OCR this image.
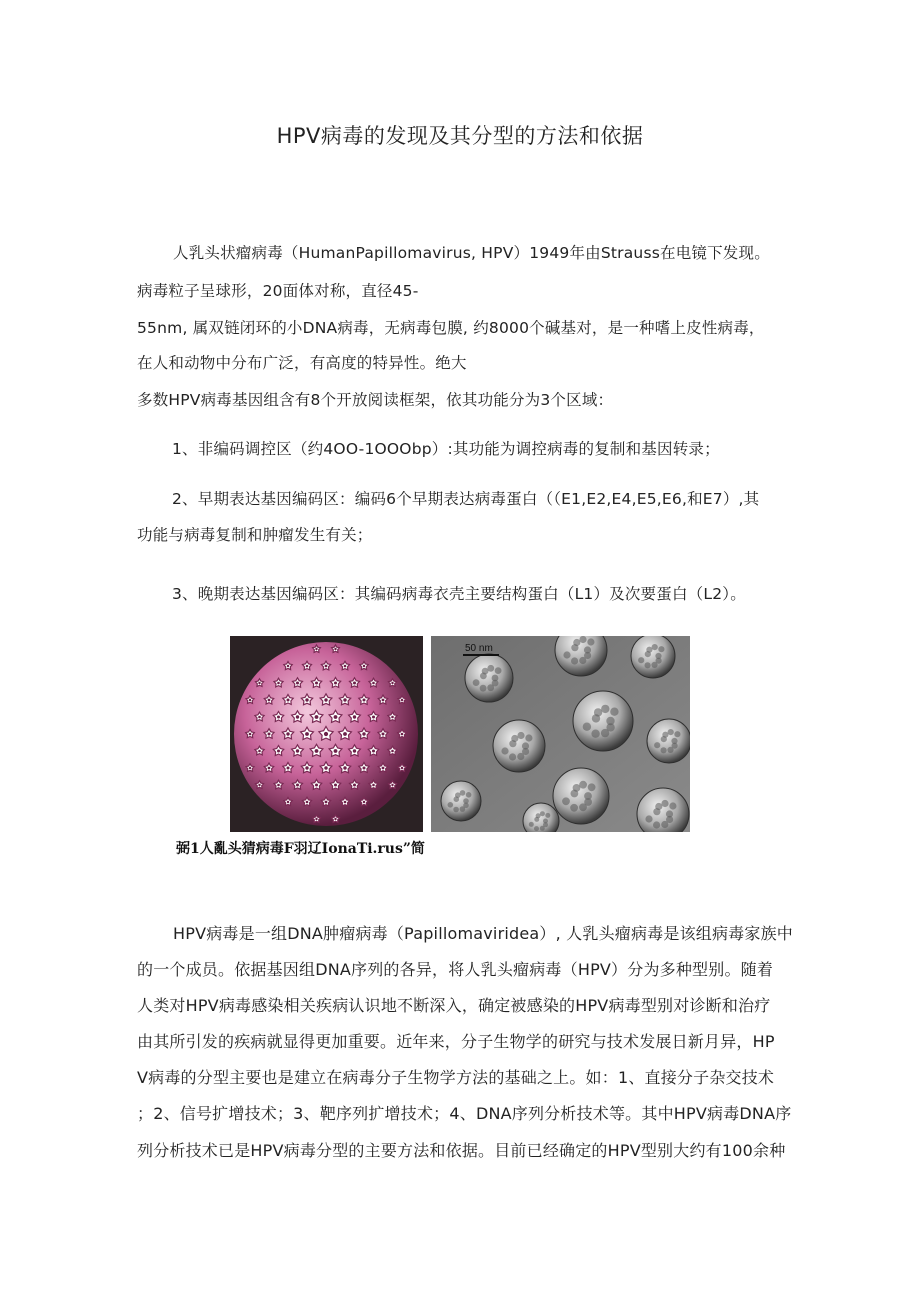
HPV病毒的发现及其分型的方法和依据
人乳头状瘤病毒（HumanPapillomavirus, HPV）1949年由Strauss在电镜下发现。
病毒粒子呈球形，20面体对称，直径45-
55nm, 属双链闭环的小DNA病毒，无病毒包膜, 约8000个碱基对，是一种嗜上皮性病毒，
在人和动物中分布广泛，有高度的特异性。绝大
多数HPV病毒基因组含有8个开放阅读框架，依其功能分为3个区域：
1、非编码调控区（约4OO-1OOObp）:其功能为调控病毒的复制和基因转录；
2、早期表达基因编码区：编码6个早期表达病毒蛋白（（E1,E2,E4,E5,E6,和E7）,其
功能与病毒复制和肿瘤发生有关；
3、晚期表达基因编码区：其编码病毒衣壳主要结构蛋白（L1）及次要蛋白（L2）。
50 nm
弼1人亂头猜病毒F羽辽IonaTi.rus”简
HPV病毒是一组DNA肿瘤病毒（Papillomaviridea）, 人乳头瘤病毒是该组病毒家族中
的一个成员。依据基因组DNA序列的各异，将人乳头瘤病毒（HPV）分为多种型别。随着
人类对HPV病毒感染相关疾病认识地不断深入，确定被感染的HPV病毒型别对诊断和治疗
由其所引发的疾病就显得更加重要。近年来，分子生物学的研究与技术发展日新月异，HP
V病毒的分型主要也是建立在病毒分子生物学方法的基础之上。如：1、直接分子杂交技术
；2、信号扩增技术；3、靶序列扩增技术；4、DNA序列分析技术等。其中HPV病毒DNA序
列分析技术已是HPV病毒分型的主要方法和依据。目前已经确定的HPV型别大约有100余种
